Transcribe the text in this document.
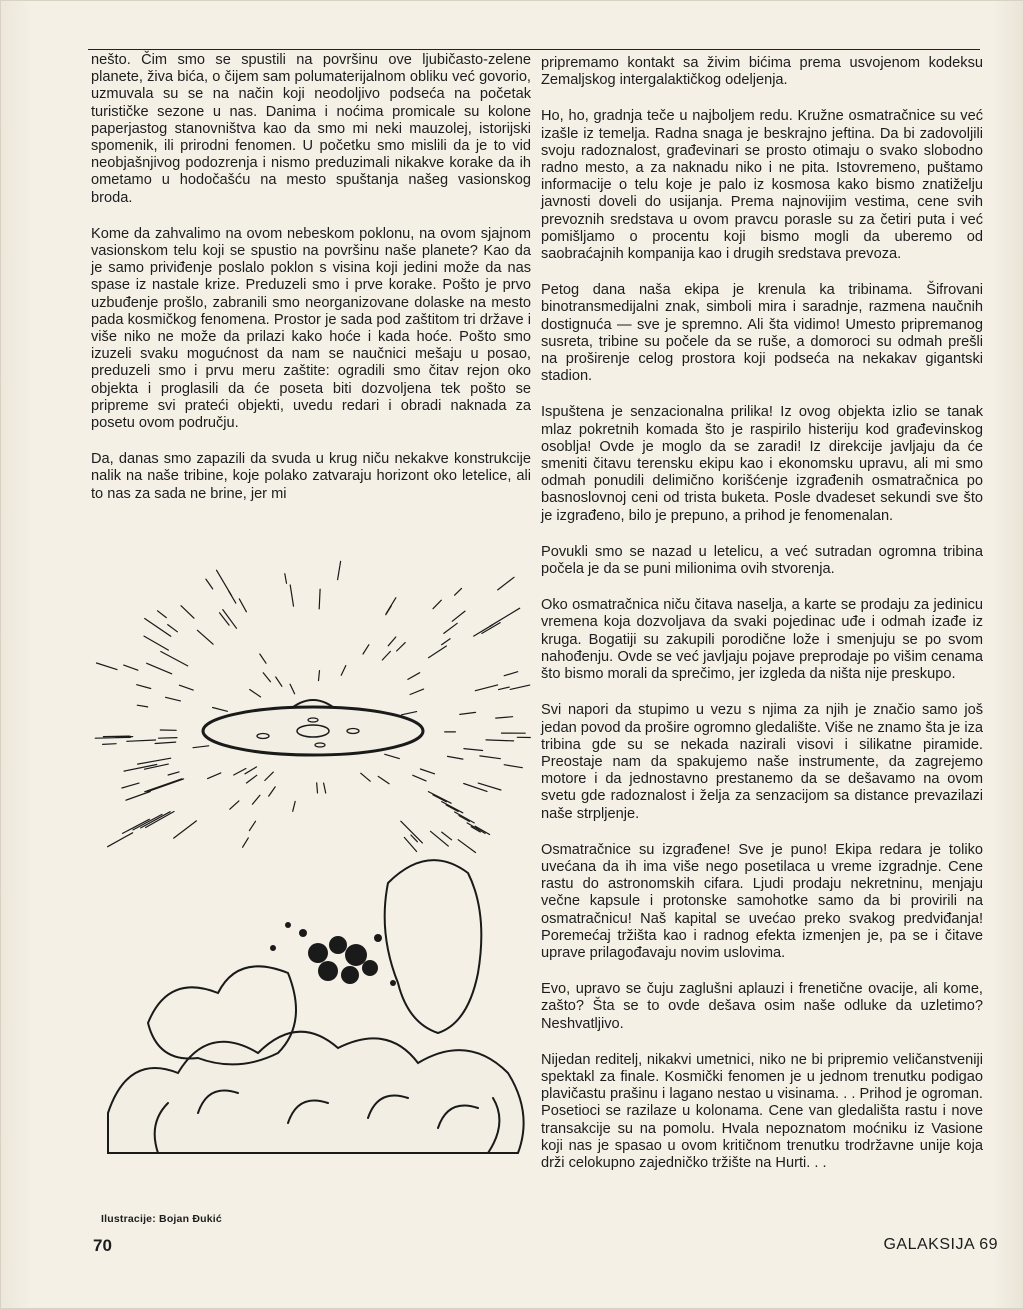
nešto. Čim smo se spustili na površinu ove ljubičasto-zelene planete, živa bića, o čijem sam polumaterijalnom obliku već govorio, uzmuvala su se na način koji neodoljivo podseća na početak turističke sezone u nas. Danima i noćima promicale su kolone paperjastog stanovništva kao da smo mi neki mauzolej, istorijski spomenik, ili prirodni fenomen. U početku smo mislili da je to vid neobjašnjivog podozrenja i nismo preduzimali nikakve korake da ih ometamo u hodočašću na mesto spuštanja našeg vasionskog broda.

Kome da zahvalimo na ovom nebeskom poklonu, na ovom sjajnom vasionskom telu koji se spustio na površinu naše planete? Kao da je samo priviđenje poslalo poklon s visina koji jedini može da nas spase iz nastale krize. Preduzeli smo i prve korake. Pošto je prvo uzbuđenje prošlo, zabranili smo neorganizovane dolaske na mesto pada kosmičkog fenomena. Prostor je sada pod zaštitom tri države i više niko ne može da prilazi kako hoće i kada hoće. Pošto smo izuzeli svaku mogućnost da nam se naučnici mešaju u posao, preduzeli smo i prvu meru zaštite: ogradili smo čitav rejon oko objekta i proglasili da će poseta biti dozvoljena tek pošto se pripreme svi prateći objekti, uvedu redari i obradi naknada za posetu ovom području.

Da, danas smo zapazili da svuda u krug niču nekakve konstrukcije nalik na naše tribine, koje polako zatvaraju horizont oko letelice, ali to nas za sada ne brine, jer mi

pripremamo kontakt sa živim bićima prema usvojenom kodeksu Zemaljskog intergalaktičkog odeljenja.

Ho, ho, gradnja teče u najboljem redu. Kružne osmatračnice su već izašle iz temelja. Radna snaga je beskrajno jeftina. Da bi zadovoljili svoju radoznalost, građevinari se prosto otimaju o svako slobodno radno mesto, a za naknadu niko i ne pita. Istovremeno, puštamo informacije o telu koje je palo iz kosmosa kako bismo znatiželju javnosti doveli do usijanja. Prema najnovijim vestima, cene svih prevoznih sredstava u ovom pravcu porasle su za četiri puta i već pomišljamo o procentu koji bismo mogli da uberemo od saobraćajnih kompanija kao i drugih sredstava prevoza.

Petog dana naša ekipa je krenula ka tribinama. Šifrovani binotransmedijalni znak, simboli mira i saradnje, razmena naučnih dostignuća — sve je spremno. Ali šta vidimo! Umesto pripremanog susreta, tribine su počele da se ruše, a domoroci su odmah prešli na proširenje celog prostora koji podseća na nekakav gigantski stadion.

Ispuštena je senzacionalna prilika! Iz ovog objekta izlio se tanak mlaz pokretnih komada što je raspirilo histeriju kod građevinskog osoblja! Ovde je moglo da se zaradi! Iz direkcije javljaju da će smeniti čitavu terensku ekipu kao i ekonomsku upravu, ali mi smo odmah ponudili delimično korišćenje izgrađenih osmatračnica po basnoslovnoj ceni od trista buketa. Posle dvadeset sekundi sve što je izgrađeno, bilo je prepuno, a prihod je fenomenalan.

Povukli smo se nazad u letelicu, a već sutradan ogromna tribina počela je da se puni milionima ovih stvorenja.

Oko osmatračnica niču čitava naselja, a karte se prodaju za jedinicu vremena koja dozvoljava da svaki pojedinac uđe i odmah izađe iz kruga. Bogatiji su zakupili porodične lože i smenjuju se po svom nahođenju. Ovde se već javljaju pojave preprodaje po višim cenama što bismo morali da sprečimo, jer izgleda da ništa nije preskupo.

Svi napori da stupimo u vezu s njima za njih je značio samo još jedan povod da prošire ogromno gledalište. Više ne znamo šta je iza tribina gde su se nekada nazirali visovi i silikatne piramide. Preostaje nam da spakujemo naše instrumente, da zagrejemo motore i da jednostavno prestanemo da se dešavamo na ovom svetu gde radoznalost i želja za senzacijom sa distance prevazilazi naše strpljenje.

Osmatračnice su izgrađene! Sve je puno! Ekipa redara je toliko uvećana da ih ima više nego posetilaca u vreme izgradnje. Cene rastu do astronomskih cifara. Ljudi prodaju nekretninu, menjaju večne kapsule i protonske samohotke samo da bi provirili na osmatračnicu! Naš kapital se uvećao preko svakog predviđanja! Poremećaj tržišta kao i radnog efekta izmenjen je, pa se i čitave uprave prilagođavaju novim uslovima.

Evo, upravo se čuju zaglušni aplauzi i frenetične ovacije, ali kome, zašto? Šta se to ovde dešava osim naše odluke da uzletimo? Neshvatljivo.

Nijedan reditelj, nikakvi umetnici, niko ne bi pripremio veličanstveniji spektakl za finale. Kosmički fenomen je u jednom trenutku podigao plavičastu prašinu i lagano nestao u visinama. . . Prihod je ogroman. Posetioci se razilaze u kolonama. Cene van gledališta rastu i nove transakcije su na pomolu. Hvala nepoznatom moćniku iz Vasione koji nas je spasao u ovom kritičnom trenutku trodržavne unije koja drži celokupno zajedničko tržište na Hurti. . .

Ilustracije: Bojan Đukić
70	GALAKSIJA 69
